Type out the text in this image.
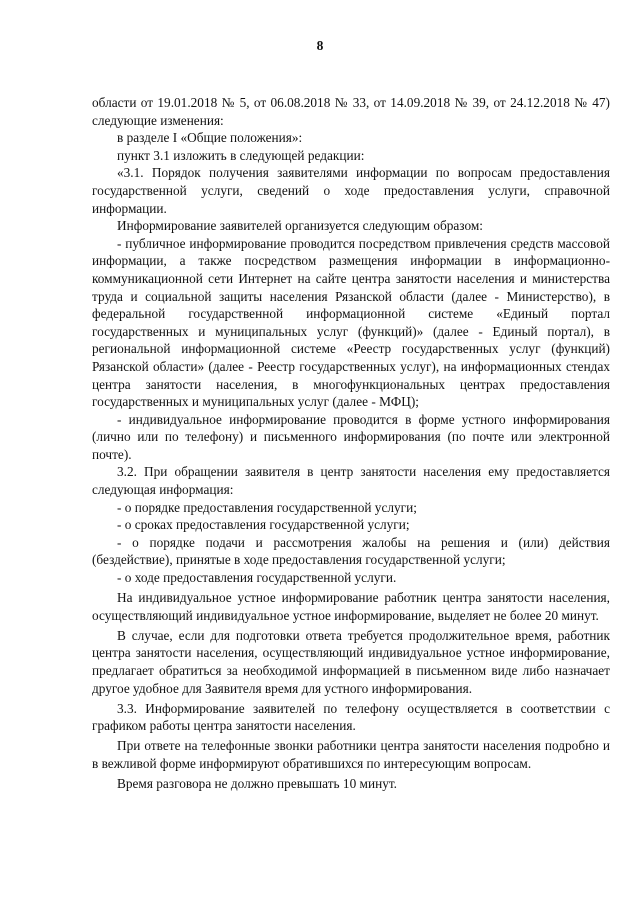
8

области от 19.01.2018 № 5, от 06.08.2018 № 33, от 14.09.2018 № 39, от 24.12.2018 № 47) следующие изменения:

в разделе I «Общие положения»:

пункт 3.1 изложить в следующей редакции:

«3.1. Порядок получения заявителями информации по вопросам предоставления государственной услуги, сведений о ходе предоставления услуги, справочной информации.

Информирование заявителей организуется следующим образом:

- публичное информирование проводится посредством привлечения средств массовой информации, а также посредством размещения информации в информационно-коммуникационной сети Интернет на сайте центра занятости населения и министерства труда и социальной защиты населения Рязанской области (далее - Министерство), в федеральной государственной информационной системе «Единый портал государственных и муниципальных услуг (функций)» (далее - Единый портал), в региональной информационной системе «Реестр государственных услуг (функций) Рязанской области» (далее - Реестр государственных услуг), на информационных стендах центра занятости населения, в многофункциональных центрах предоставления государственных и муниципальных услуг (далее - МФЦ);

- индивидуальное информирование проводится в форме устного информирования (лично или по телефону) и письменного информирования (по почте или электронной почте).

3.2. При обращении заявителя в центр занятости населения ему предоставляется следующая информация:

- о порядке предоставления государственной услуги;

- о сроках предоставления государственной услуги;

- о порядке подачи и рассмотрения жалобы на решения и (или) действия (бездействие), принятые в ходе предоставления государственной услуги;

- о ходе предоставления государственной услуги.

На индивидуальное устное информирование работник центра занятости населения, осуществляющий индивидуальное устное информирование, выделяет не более 20 минут.

В случае, если для подготовки ответа требуется продолжительное время, работник центра занятости населения, осуществляющий индивидуальное устное информирование, предлагает обратиться за необходимой информацией в письменном виде либо назначает другое удобное для Заявителя время для устного информирования.

3.3. Информирование заявителей по телефону осуществляется в соответствии с графиком работы центра занятости населения.

При ответе на телефонные звонки работники центра занятости населения подробно и в вежливой форме информируют обратившихся по интересующим вопросам.

Время разговора не должно превышать 10 минут.
